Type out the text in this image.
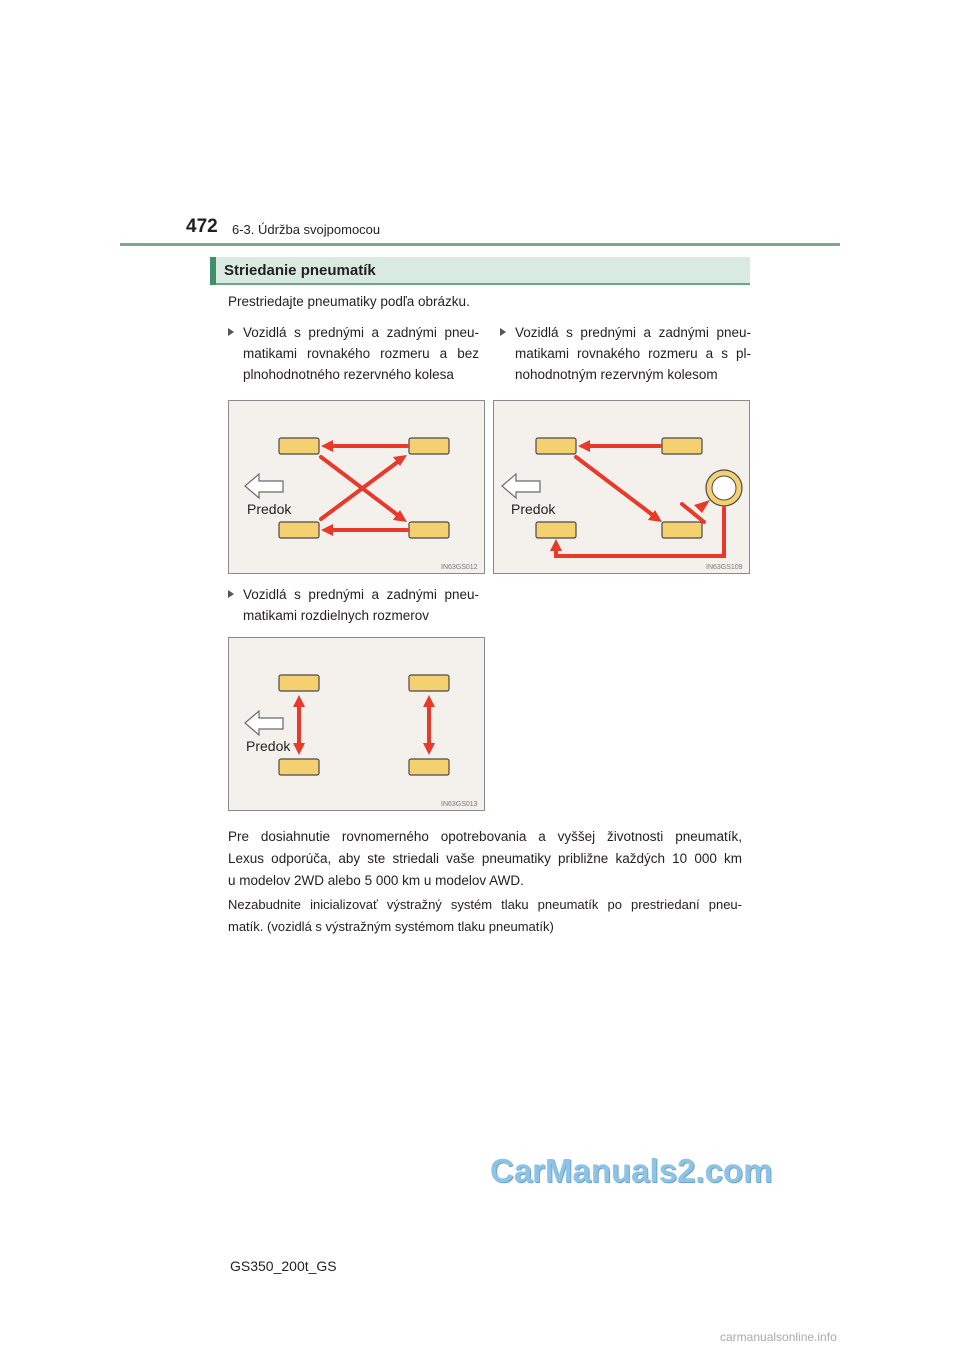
472 6-3. Údržba svojpomocou
Striedanie pneumatík
Prestriedajte pneumatiky podľa obrázku.
Vozidlá s prednými a zadnými pneu-
matikami rovnakého rozmeru a bez
plnohodnotného rezervného kolesa
Vozidlá s prednými a zadnými pneu-
matikami rovnakého rozmeru a s pl-
nohodnotným rezervným kolesom
Predok
IN63GS012
Predok
IN63GS109
Vozidlá s prednými a zadnými pneu-
matikami rozdielnych rozmerov
Predok
IN63GS013
Pre dosiahnutie rovnomerného opotrebovania a vyššej životnosti pneumatík,
Lexus odporúča, aby ste striedali vaše pneumatiky približne každých 10 000 km
u modelov 2WD alebo 5 000 km u modelov AWD.
Nezabudnite inicializovať výstražný systém tlaku pneumatík po prestriedaní pneu-
matík. (vozidlá s výstražným systémom tlaku pneumatík)
CarManuals2.com
GS350_200t_GS
carmanualsonline.info
